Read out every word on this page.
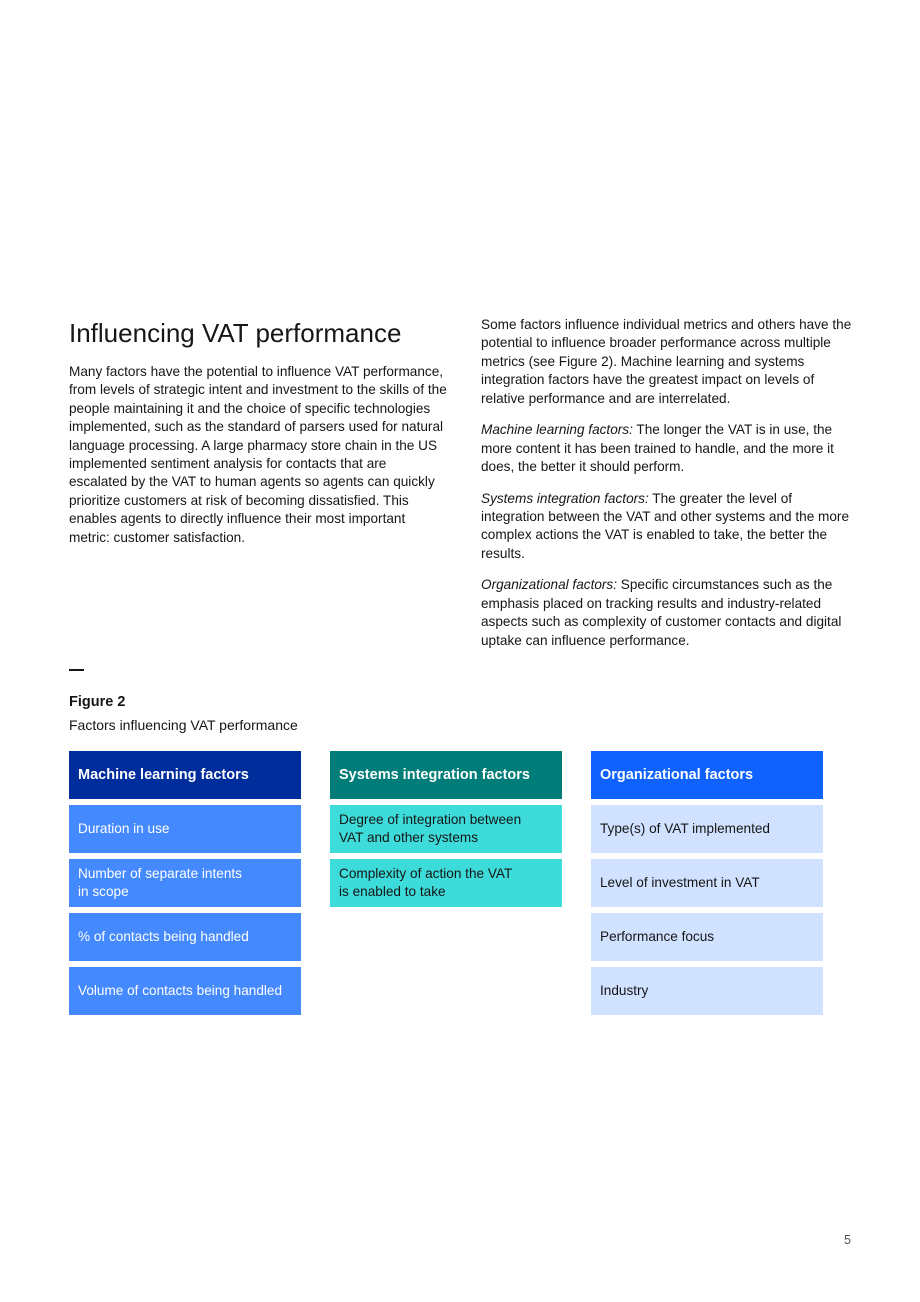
Influencing VAT performance

Many factors have the potential to influence VAT performance, from levels of strategic intent and investment to the skills of the people maintaining it and the choice of specific technologies implemented, such as the standard of parsers used for natural language processing. A large pharmacy store chain in the US implemented sentiment analysis for contacts that are escalated by the VAT to human agents so agents can quickly prioritize customers at risk of becoming dissatisfied. This enables agents to directly influence their most important metric: customer satisfaction.

Some factors influence individual metrics and others have the potential to influence broader performance across multiple metrics (see Figure 2). Machine learning and systems integration factors have the greatest impact on levels of relative performance and are interrelated.

Machine learning factors: The longer the VAT is in use, the more content it has been trained to handle, and the more it does, the better it should perform.

Systems integration factors: The greater the level of integration between the VAT and other systems and the more complex actions the VAT is enabled to take, the better the results.

Organizational factors: Specific circumstances such as the emphasis placed on tracking results and industry-related aspects such as complexity of customer contacts and digital uptake can influence performance.

Figure 2
Factors influencing VAT performance
Machine learning factors
Duration in use
Number of separate intents
in scope
% of contacts being handled
Volume of contacts being handled
Systems integration factors
Degree of integration between
VAT and other systems
Complexity of action the VAT
is enabled to take
Organizational factors
Type(s) of VAT implemented
Level of investment in VAT
Performance focus
Industry
5
